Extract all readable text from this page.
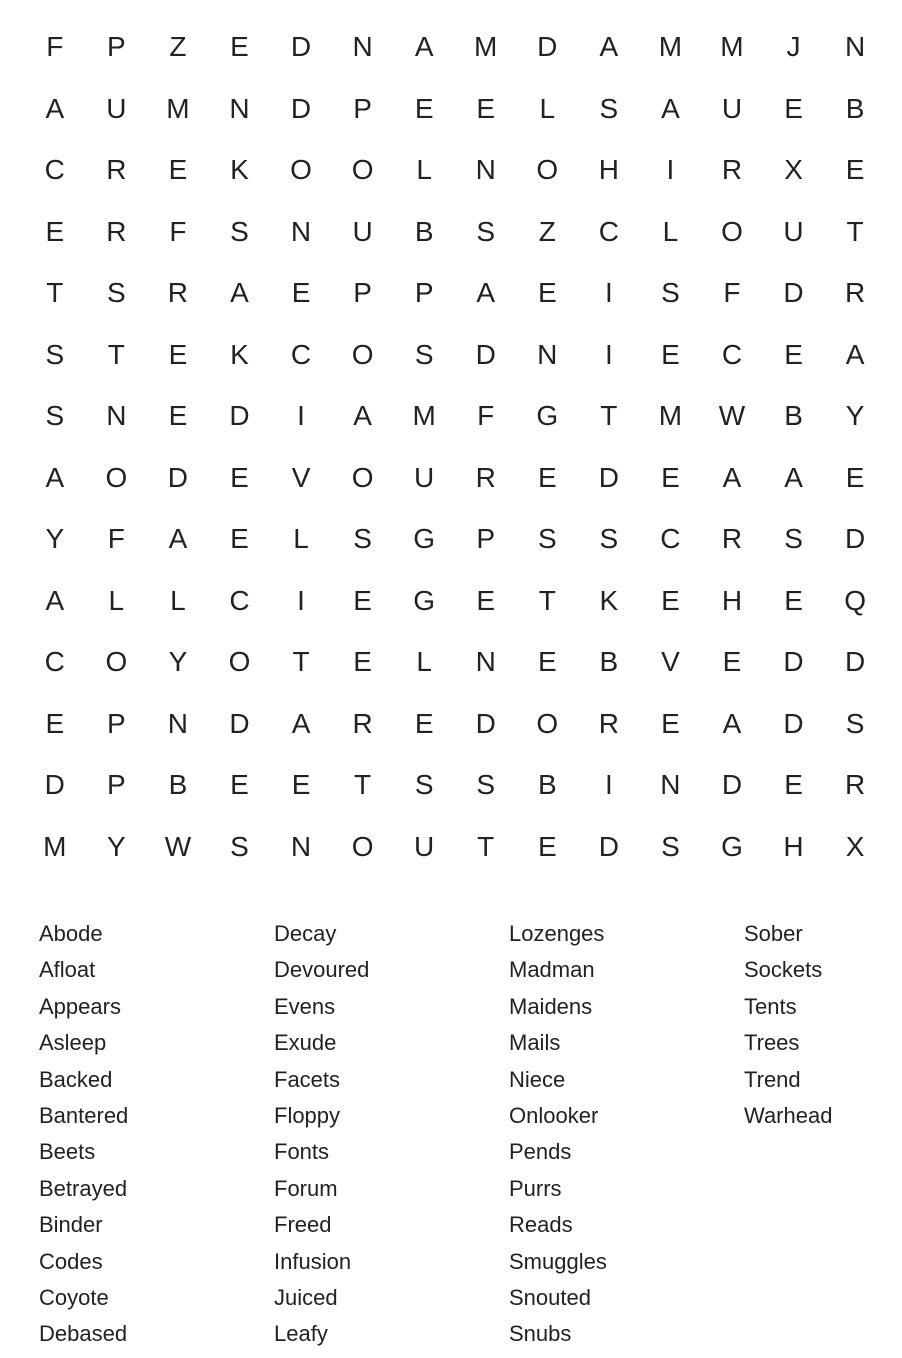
F	P	Z	E	D	N	A	M	D	A	M	M	J	N
A	U	M	N	D	P	E	E	L	S	A	U	E	B
C	R	E	K	O	O	L	N	O	H	I	R	X	E
E	R	F	S	N	U	B	S	Z	C	L	O	U	T
T	S	R	A	E	P	P	A	E	I	S	F	D	R
S	T	E	K	C	O	S	D	N	I	E	C	E	A
S	N	E	D	I	A	M	F	G	T	M	W	B	Y
A	O	D	E	V	O	U	R	E	D	E	A	A	E
Y	F	A	E	L	S	G	P	S	S	C	R	S	D
A	L	L	C	I	E	G	E	T	K	E	H	E	Q
C	O	Y	O	T	E	L	N	E	B	V	E	D	D
E	P	N	D	A	R	E	D	O	R	E	A	D	S
D	P	B	E	E	T	S	S	B	I	N	D	E	R
M	Y	W	S	N	O	U	T	E	D	S	G	H	X
Abode
Afloat
Appears
Asleep
Backed
Bantered
Beets
Betrayed
Binder
Codes
Coyote
Debased
Decay
Devoured
Evens
Exude
Facets
Floppy
Fonts
Forum
Freed
Infusion
Juiced
Leafy
Lozenges
Madman
Maidens
Mails
Niece
Onlooker
Pends
Purrs
Reads
Smuggles
Snouted
Snubs
Sober
Sockets
Tents
Trees
Trend
Warhead
